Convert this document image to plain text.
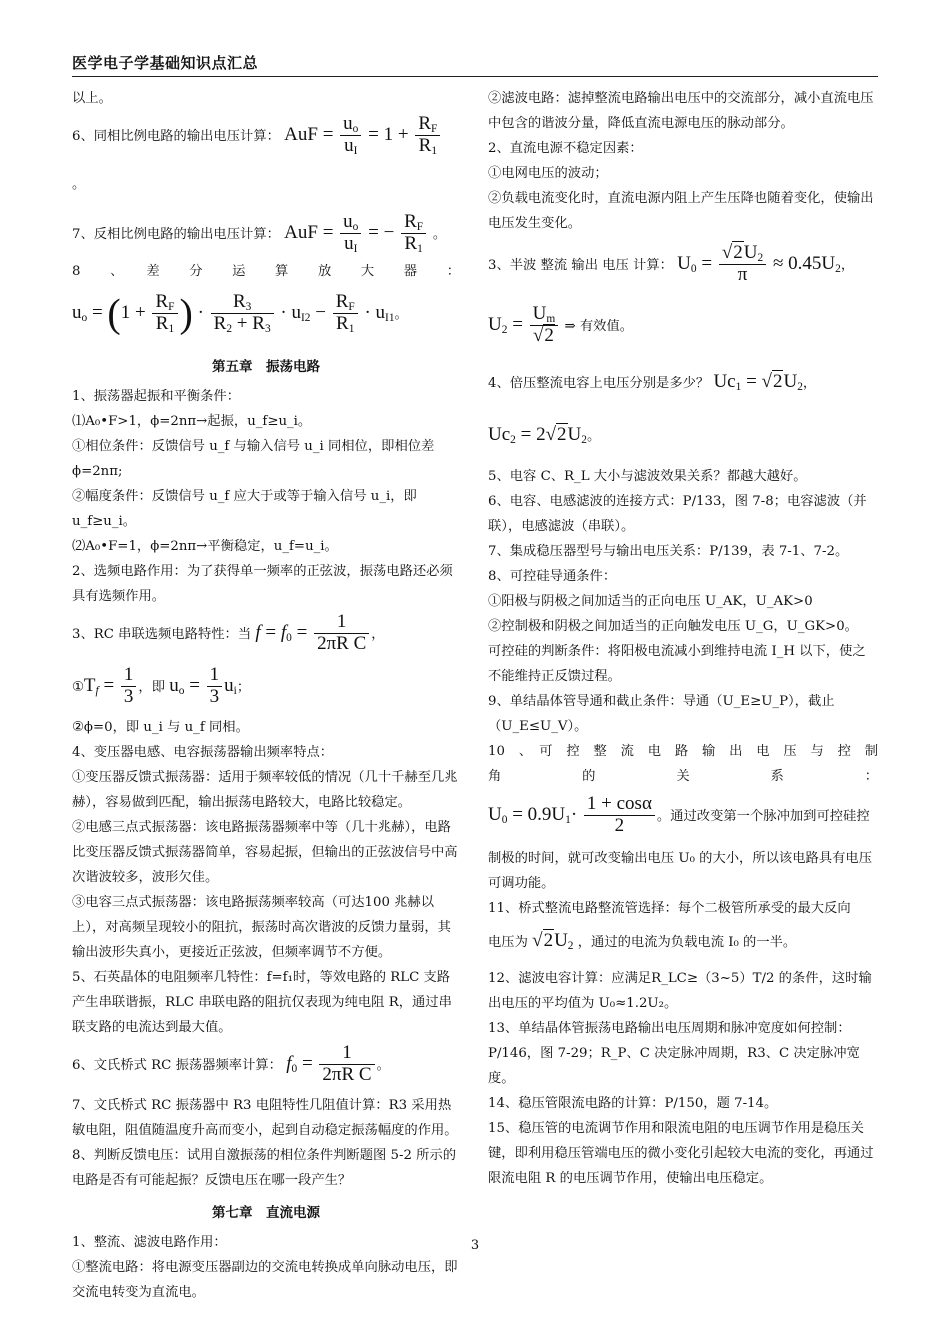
医学电子学基础知识点汇总

以上。

6、同相比例电路的输出电压计算： AuF = $\frac{u_o}{u_I} = 1 + \frac{R_F}{R_1}$
。

7、反相比例电路的输出电压计算： AuF = $\frac{u_o}{u_I}$ = − $\frac{R_F}{R_1}$ 。

8　、　差　分　运　算　放　大　器　：

$u_o = (1 + \frac{R_F}{R_1}$ ) · $\frac{R_3}{R_2 + R_3} \cdot u_{I2} - \frac{R_F}{R_1} \cdot u_{I1}$。

第五章　振荡电路

1、振荡器起振和平衡条件：

⑴A₀•F>1，ϕ=2nπ→起振，u_f≥u_i。

①相位条件：反馈信号 u_f 与输入信号 u_i 同相位，即相位差ϕ=2nπ;

②幅度条件：反馈信号 u_f 应大于或等于输入信号 u_i，即 u_f≥u_i。

⑵A₀•F=1，ϕ=2nπ→平衡稳定，u_f=u_i。

2、选频电路作用：为了获得单一频率的正弦波，振荡电路还必须具有选频作用。

3、RC 串联选频电路特性：当 $f = f_0 = \frac{1}{\text{2πR C}}$ ，

$①T_f = \frac{1}{3}$ ，即 $u_o = \frac{1}{3} u_i$；

②ϕ=0，即 u_i 与 u_f 同相。

4、变压器电感、电容振荡器输出频率特点：

①变压器反馈式振荡器：适用于频率较低的情况（几十千赫至几兆赫），容易做到匹配，输出振荡电路较大，电路比较稳定。

②电感三点式振荡器：该电路振荡器频率中等（几十兆赫），电路比变压器反馈式振荡器简单，容易起振，但输出的正弦波信号中高次谐波较多，波形欠佳。

③电容三点式振荡器：该电路振荡频率较高（可达100 兆赫以上），对高频呈现较小的阻抗，振荡时高次谐波的反馈力量弱，其输出波形失真小，更接近正弦波，但频率调节不方便。

5、石英晶体的电阻频率几特性：f=f₁时，等效电路的 RLC 支路产生串联谐振，RLC 串联电路的阻抗仅表现为纯电阻 R，通过串联支路的电流达到最大值。

6、文氏桥式 RC 振荡器频率计算： $f_0 = \frac{1}{\text{2πR C}}$ 。

7、文氏桥式 RC 振荡器中 R3 电阻特性几阻值计算：R3 采用热敏电阻，阻值随温度升高而变小，起到自动稳定振荡幅度的作用。

8、判断反馈电压：试用自激振荡的相位条件判断题图 5-2 所示的电路是否有可能起振？反馈电压在哪一段产生？

第七章　直流电源

1、整流、滤波电路作用：

①整流电路：将电源变压器副边的交流电转换成单向脉动电压，即交流电转变为直流电。

②滤波电路：滤掉整流电路输出电压中的交流部分，减小直流电压中包含的谐波分量，降低直流电源电压的脉动部分。

2、直流电源不稳定因素：

①电网电压的波动；

②负载电流变化时，直流电源内阻上产生压降也随着变化，使输出电压发生变化。

3、半波 整流 输出 电压 计算： $U_0 = \frac{√2U_2}{\pi} \approx 0.45U_2$，

$U_2 = \frac{U_m}{√2}$ ⇒ 有效值。

4、倍压整流电容上电压分别是多少？ $Uc_1 = √2U_2$，

$Uc_2 = 2√2U_2$。

5、电容 C、R_L 大小与滤波效果关系？都越大越好。

6、电容、电感滤波的连接方式：P/133，图 7-8；电容滤波（并联），电感滤波（串联）。

7、集成稳压器型号与输出电压关系：P/139，表 7-1、7-2。

8、可控硅导通条件：

①阳极与阴极之间加适当的正向电压 U_AK，U_AK>0

②控制极和阴极之间加适当的正向触发电压 U_G，U_GK>0。

可控硅的判断条件：将阳极电流减小到维持电流 I_H 以下，使之不能维持正反馈过程。

9、单结晶体管导通和截止条件：导通（U_E≥U_P），截止（U_E≤U_V）。

10　、　可　控　整　流　电　路　输　出　电　压　与　控　制　角　的　关　系　：

$U_0 = 0.9U_1\cdot \frac{1 + \cos\alpha}{2}$ 。通过改变第一个脉冲加到可控硅控

制极的时间，就可改变输出电压 U₀ 的大小，所以该电路具有电压可调功能。

11、桥式整流电路整流管选择：每个二极管所承受的最大反向

电压为 $√2U_2$ ，通过的电流为负载电流 I₀ 的一半。

12、滤波电容计算：应满足R_LC≥（3~5）T/2 的条件，这时输出电压的平均值为 U₀≈1.2U₂。

13、单结晶体管振荡电路输出电压周期和脉冲宽度如何控制：P/146，图 7-29；R_P、C 决定脉冲周期，R3、C 决定脉冲宽度。

14、稳压管限流电路的计算：P/150，题 7-14。

15、稳压管的电流调节作用和限流电阻的电压调节作用是稳压关键，即利用稳压管端电压的微小变化引起较大电流的变化，再通过限流电阻 R 的电压调节作用，使输出电压稳定。

3
